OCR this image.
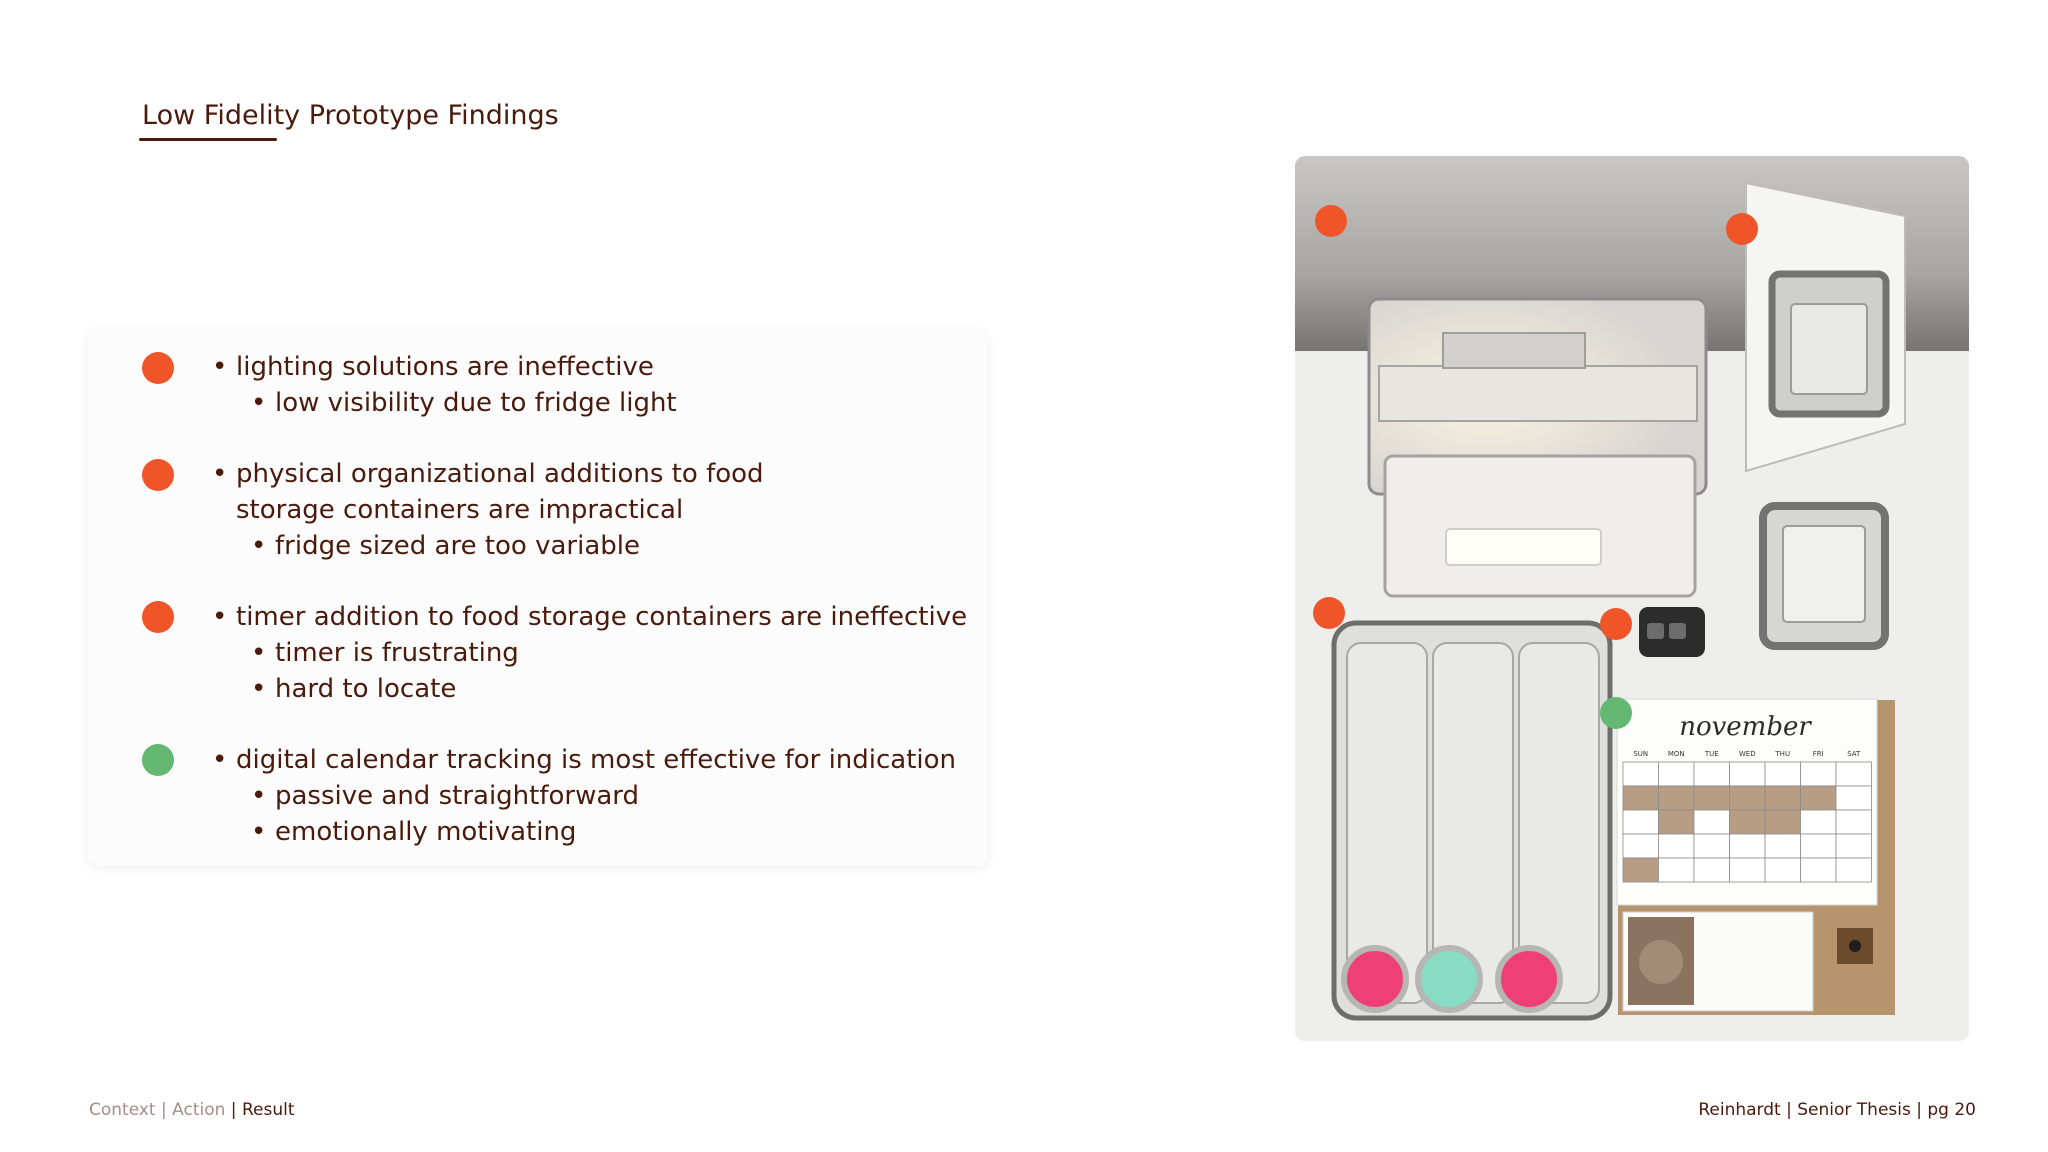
Low Fidelity Prototype Findings
• lighting solutions are ineffective
• low visibility due to fridge light
• physical organizational additions to food storage containers are impractical
• fridge sized are too variable
• timer addition to food storage containers are ineffective
• timer is frustrating
• hard to locate
• digital calendar tracking is most effective for indication
• passive and straightforward
• emotionally motivating
november
SUN	MON	TUE	WED	THU	FRI	SAT
Context | Action | Result	Reinhardt | Senior Thesis | pg 20
